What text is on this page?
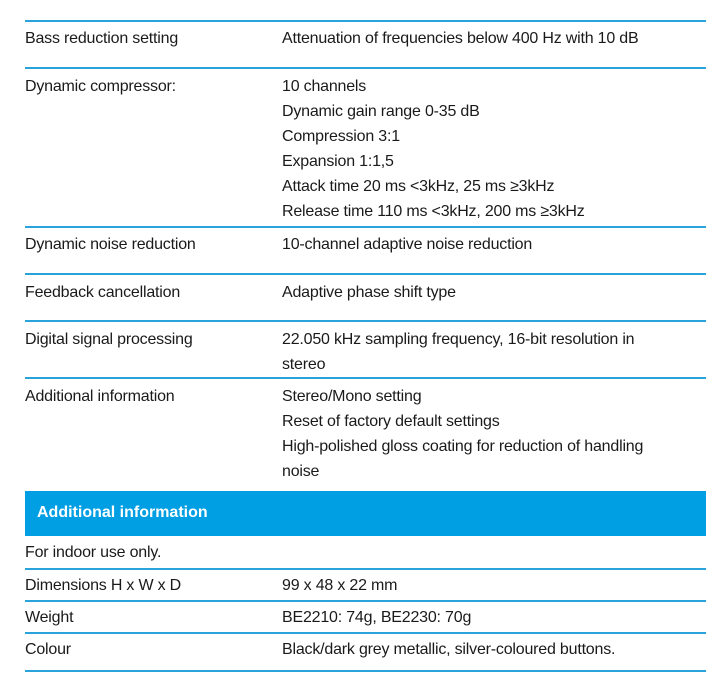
Bass reduction setting	Attenuation of frequencies below 400 Hz with 10 dB
Dynamic compressor:	10 channels
Dynamic gain range 0-35 dB
Compression 3:1
Expansion 1:1,5
Attack time 20 ms <3kHz, 25 ms ≥3kHz
Release time 110 ms <3kHz, 200 ms ≥3kHz
Dynamic noise reduction	10-channel adaptive noise reduction
Feedback cancellation	Adaptive phase shift type
Digital signal processing	22.050 kHz sampling frequency, 16-bit resolution in
stereo
Additional information	Stereo/Mono setting
Reset of factory default settings
High-polished gloss coating for reduction of handling
noise
Additional information
For indoor use only.
Dimensions H x W x D	99 x 48 x 22 mm
Weight	BE2210: 74g, BE2230: 70g
Colour	Black/dark grey metallic, silver-coloured buttons.
